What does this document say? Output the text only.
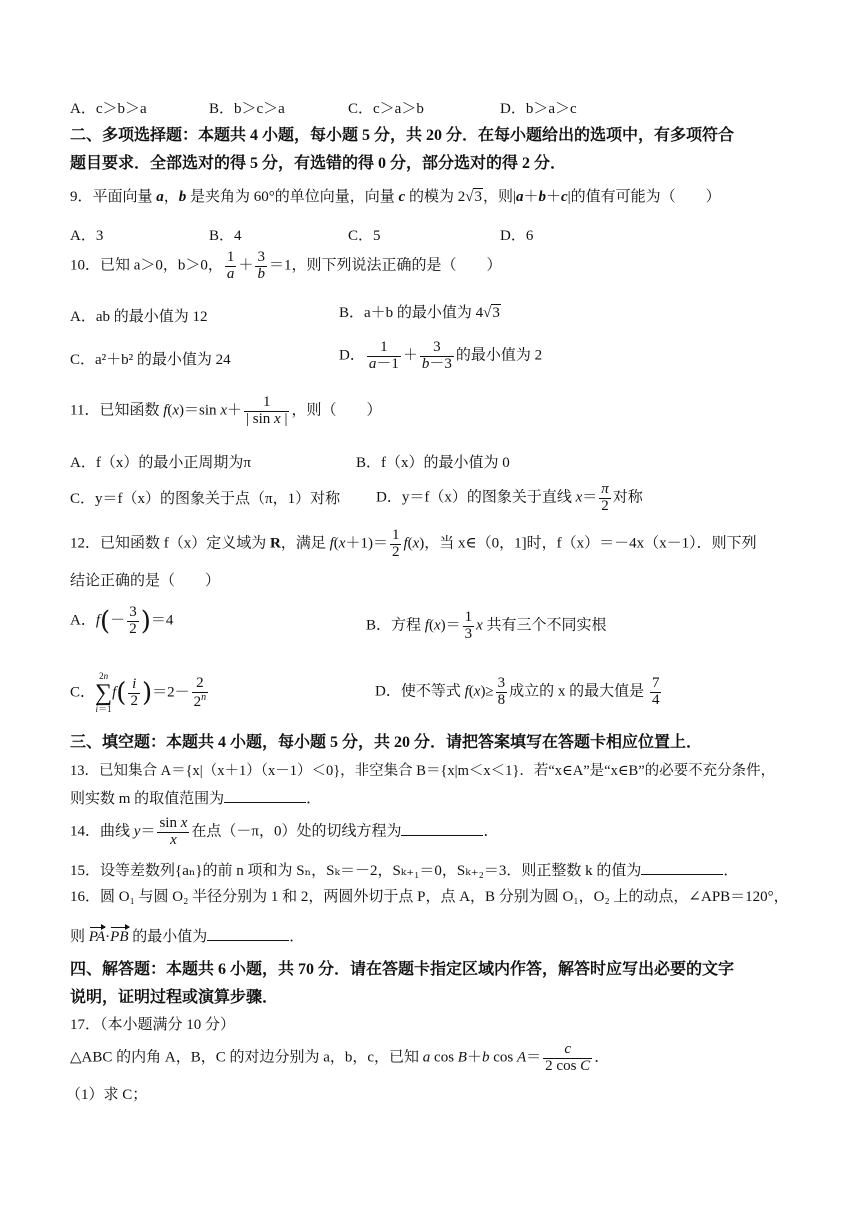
A．c＞b＞a	B．b＞c＞a	C．c＞a＞b	D．b＞a＞c
二、多项选择题：本题共 4 小题，每小题 5 分，共 20 分．在每小题给出的选项中，有多项符合
题目要求．全部选对的得 5 分，有选错的得 0 分，部分选对的得 2 分．
9．平面向量 a，b 是夹角为 60°的单位向量，向量 c 的模为 2√3，则|a＋b＋c|的值有可能为（　　）
A．3	B．4	C．5	D．6
10．已知 a＞0，b＞0， $\frac{1}{a} + \frac{3}{b} =1$，则下列说法正确的是（　　）
A．ab 的最小值为 12	B．a＋b 的最小值为 4√3
C．a²＋b² 的最小值为 24	D． $\frac{1}{a-1} + \frac{3}{b-3}$ 的最小值为 2
11．已知函数 f(x)＝sin $x+ \frac{1}{\text{| sin x |}}$ ，则（　　）
A．f（x）的最小正周期为π	B．f（x）的最小值为 0
C．y＝f（x）的图象关于点（π，1）对称 D．y＝f（x）的图象关于直线 $x= \frac{\pi}{2}$ 对称
12．已知函数 f（x）定义域为 R，满足 $f(x+1)= \frac{1}{2} f(x)$，当 x∈（0，1]时，f（x）＝－4x（x－1）．则下列
结论正确的是（　　）
A．$f(- \frac{3}{2} )=4$	B．方程 $f(x)= \frac{1}{3}$ x 共有三个不同实根
C．
2n
∑
i＝1
$f( \frac{i}{2} )=2- \frac{2}{2^n}$	D．使不等式 $f(x)\ge \frac{3}{8}$ 成立的 x 的最大值是 $\frac{7}{4}$
三、填空题：本题共 4 小题，每小题 5 分，共 20 分．请把答案填写在答题卡相应位置上．
13．已知集合 A＝{x|（x＋1）（x－1）＜0}，非空集合 B＝{x|m＜x＜1}．若“x∈A”是“x∈B”的必要不充分条件，
则实数 m 的取值范围为	．
14．曲线 $y= \frac{\text{sin x}}{x}$ 在点（－π，0）处的切线方程为	．
15．设等差数列{aₙ}的前 n 项和为 Sₙ，Sₖ＝－2，Sₖ₊₁＝0，Sₖ₊₂＝3．则正整数 k 的值为	．
16．圆 O₁ 与圆 O₂ 半径分别为 1 和 2，两圆外切于点 P，点 A，B 分别为圆 O₁，O₂ 上的动点，∠APB＝120°，
则 PA·PB 的最小值为	．
四、解答题：本题共 6 小题，共 70 分．请在答题卡指定区域内作答，解答时应写出必要的文字
说明，证明过程或演算步骤．
17．（本小题满分 10 分）
△ABC 的内角 A，B，C 的对边分别为 a，b，c，已知 a cos B＋b $\cos A= \frac{c}{\text{2 cos C}}$ ．
（1）求 C；
